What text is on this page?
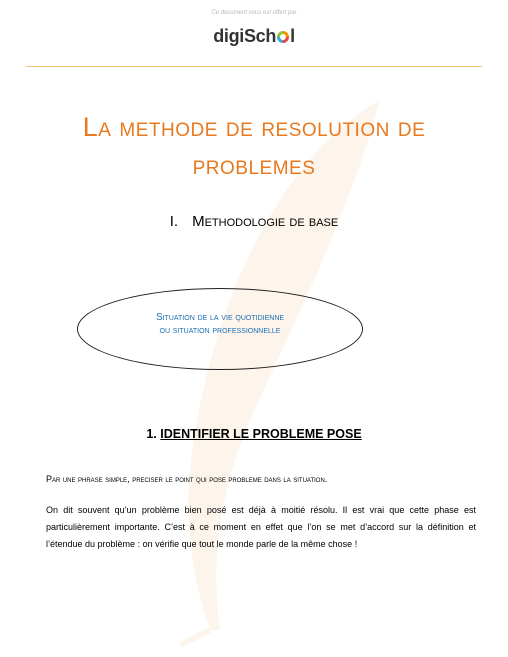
Ce document vous est offert par
digiSch l
La methode de resolution de
problemes
I. Methodologie de base
Situation de la vie quotidienne
ou situation professionnelle
1. IDENTIFIER LE PROBLEME POSE
Par une phrase simple, preciser le point qui pose probleme dans la situation.
On dit souvent qu’un problème bien posé est déjà à moitié résolu. Il est vrai que cette phase est particulièrement importante. C’est à ce moment en effet que l’on se met d’accord sur la définition et l’étendue du problème : on vérifie que tout le monde parle de la même chose !
